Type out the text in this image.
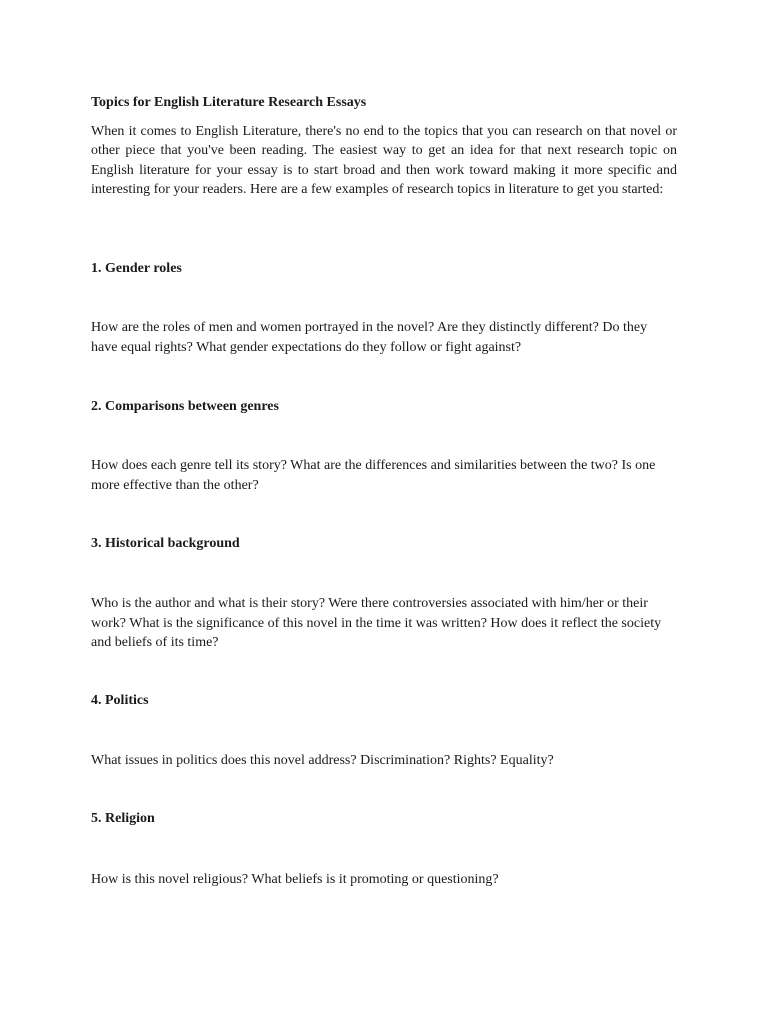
Topics for English Literature Research Essays

When it comes to English Literature, there's no end to the topics that you can research on that novel or other piece that you've been reading. The easiest way to get an idea for that next research topic on English literature for your essay is to start broad and then work toward making it more specific and interesting for your readers. Here are a few examples of research topics in literature to get you started:

1. Gender roles

How are the roles of men and women portrayed in the novel? Are they distinctly different? Do they have equal rights? What gender expectations do they follow or fight against?

2. Comparisons between genres

How does each genre tell its story? What are the differences and similarities between the two? Is one more effective than the other?

3. Historical background

Who is the author and what is their story? Were there controversies associated with him/her or their work? What is the significance of this novel in the time it was written? How does it reflect the society and beliefs of its time?

4. Politics

What issues in politics does this novel address? Discrimination? Rights? Equality?

5. Religion

How is this novel religious? What beliefs is it promoting or questioning?
